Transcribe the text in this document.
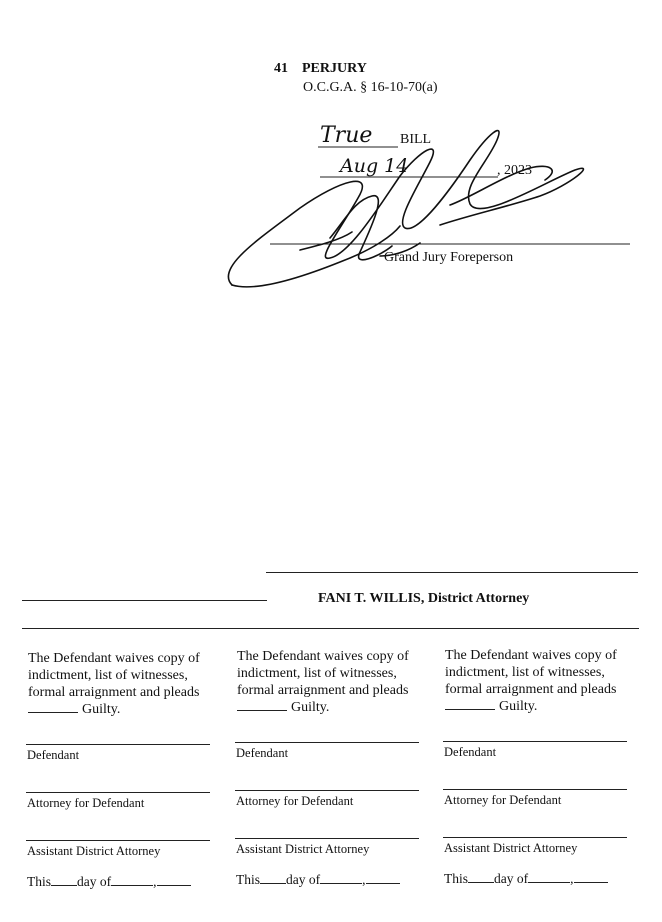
41 PERJURY
O.C.G.A. § 16-10-70(a)
BILL
True
Aug 14	, 2023
Grand Jury Foreperson
FANI T. WILLIS, District Attorney
The Defendant waives copy of indictment, list of witnesses, formal arraignment and pleads
Guilty.
Defendant
Attorney for Defendant
Assistant District Attorney
This day of	,
The Defendant waives copy of indictment, list of witnesses, formal arraignment and pleads
Guilty.
Defendant
Attorney for Defendant
Assistant District Attorney
This day of	,
The Defendant waives copy of indictment, list of witnesses, formal arraignment and pleads
Guilty.
Defendant
Attorney for Defendant
Assistant District Attorney
This day of	,
